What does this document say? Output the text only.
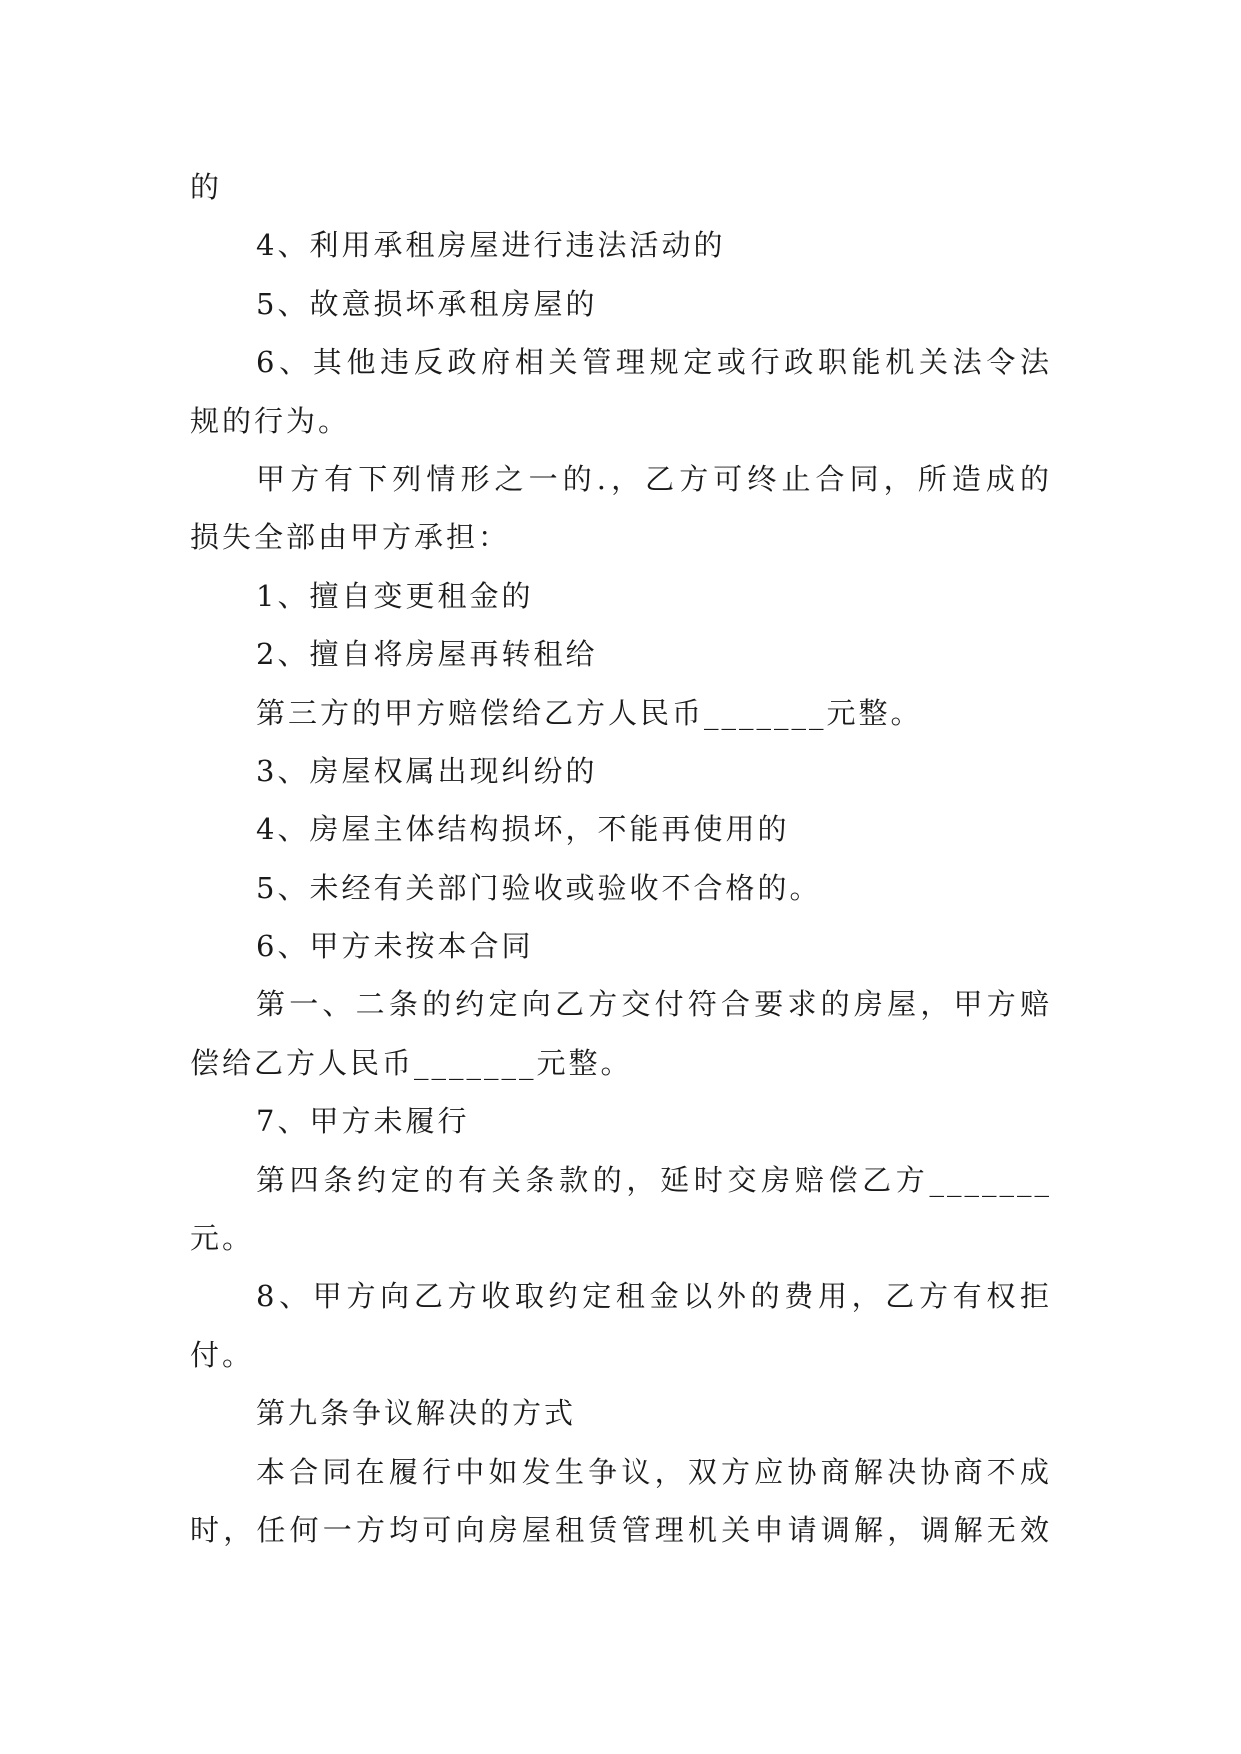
的
4、利用承租房屋进行违法活动的
5、故意损坏承租房屋的
6、其他违反政府相关管理规定或行政职能机关法令法
规的行为。
甲方有下列情形之一的.，乙方可终止合同，所造成的
损失全部由甲方承担：
1、擅自变更租金的
2、擅自将房屋再转租给
第三方的甲方赔偿给乙方人民币_______元整。
3、房屋权属出现纠纷的
4、房屋主体结构损坏，不能再使用的
5、未经有关部门验收或验收不合格的。
6、甲方未按本合同
第一、二条的约定向乙方交付符合要求的房屋，甲方赔
偿给乙方人民币_______元整。
7、甲方未履行
第四条约定的有关条款的，延时交房赔偿乙方_______
元。
8、甲方向乙方收取约定租金以外的费用，乙方有权拒
付。
第九条争议解决的方式
本合同在履行中如发生争议，双方应协商解决协商不成
时，任何一方均可向房屋租赁管理机关申请调解，调解无效
